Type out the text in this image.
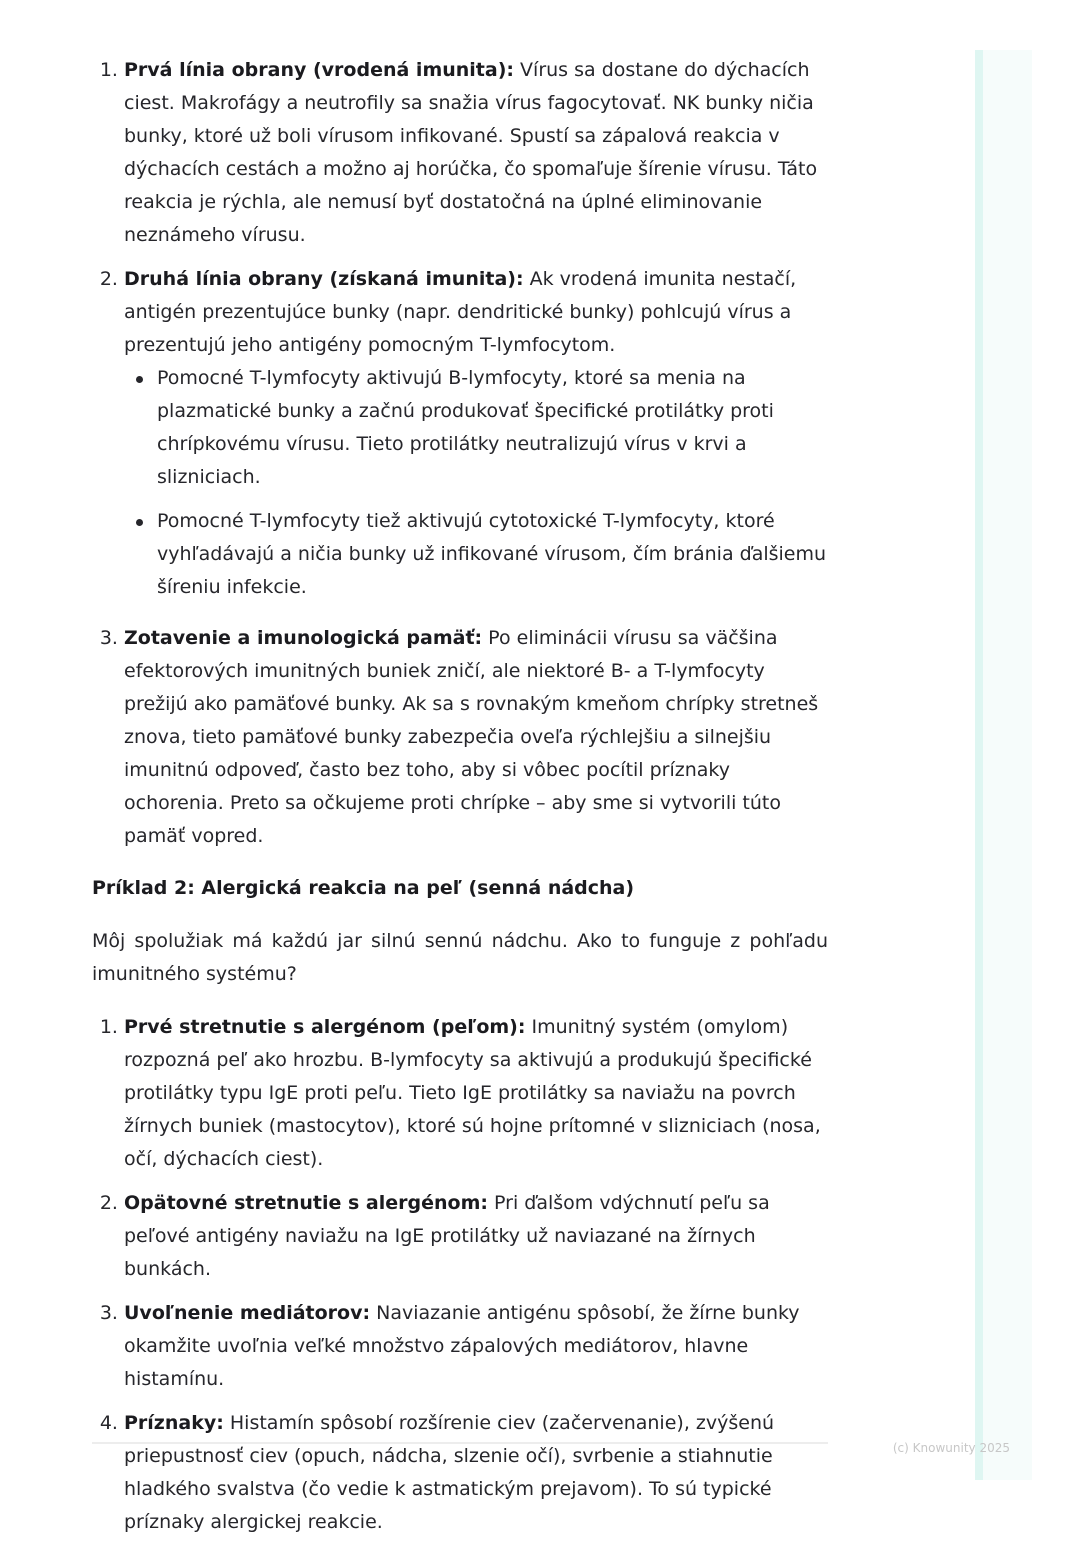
1. Prvá línia obrany (vrodená imunita): Vírus sa dostane do dýchacích ciest. Makrofágy a neutrofily sa snažia vírus fagocytovať. NK bunky ničia bunky, ktoré už boli vírusom infikované. Spustí sa zápalová reakcia v dýchacích cestách a možno aj horúčka, čo spomaľuje šírenie vírusu. Táto reakcia je rýchla, ale nemusí byť dostatočná na úplné eliminovanie neznámeho vírusu.
2. Druhá línia obrany (získaná imunita): Ak vrodená imunita nestačí, antigén prezentujúce bunky (napr. dendritické bunky) pohlcujú vírus a prezentujú jeho antigény pomocným T-lymfocytom.
Pomocné T-lymfocyty aktivujú B-lymfocyty, ktoré sa menia na plazmatické bunky a začnú produkovať špecifické protilátky proti chrípkovému vírusu. Tieto protilátky neutralizujú vírus v krvi a slizniciach.
Pomocné T-lymfocyty tiež aktivujú cytotoxické T-lymfocyty, ktoré vyhľadávajú a ničia bunky už infikované vírusom, čím bránia ďalšiemu šíreniu infekcie.
3. Zotavenie a imunologická pamäť: Po eliminácii vírusu sa väčšina efektorových imunitných buniek zničí, ale niektoré B- a T-lymfocyty prežijú ako pamäťové bunky. Ak sa s rovnakým kmeňom chrípky stretneš znova, tieto pamäťové bunky zabezpečia oveľa rýchlejšiu a silnejšiu imunitnú odpoveď, často bez toho, aby si vôbec pocítil príznaky ochorenia. Preto sa očkujeme proti chrípke – aby sme si vytvorili túto pamäť vopred.

Príklad 2: Alergická reakcia na peľ (senná nádcha)

Môj spolužiak má každú jar silnú sennú nádchu. Ako to funguje z pohľadu imunitného systému?

1. Prvé stretnutie s alergénom (peľom): Imunitný systém (omylom) rozpozná peľ ako hrozbu. B-lymfocyty sa aktivujú a produkujú špecifické protilátky typu IgE proti peľu. Tieto IgE protilátky sa naviažu na povrch žírnych buniek (mastocytov), ktoré sú hojne prítomné v slizniciach (nosa, očí, dýchacích ciest).
2. Opätovné stretnutie s alergénom: Pri ďalšom vdýchnutí peľu sa peľové antigény naviažu na IgE protilátky už naviazané na žírnych bunkách.
3. Uvoľnenie mediátorov: Naviazanie antigénu spôsobí, že žírne bunky okamžite uvoľnia veľké množstvo zápalových mediátorov, hlavne histamínu.
4. Príznaky: Histamín spôsobí rozšírenie ciev (začervenanie), zvýšenú priepustnosť ciev (opuch, nádcha, slzenie očí), svrbenie a stiahnutie hladkého svalstva (čo vedie k astmatickým prejavom). To sú typické príznaky alergickej reakcie.
(c) Knowunity 2025
